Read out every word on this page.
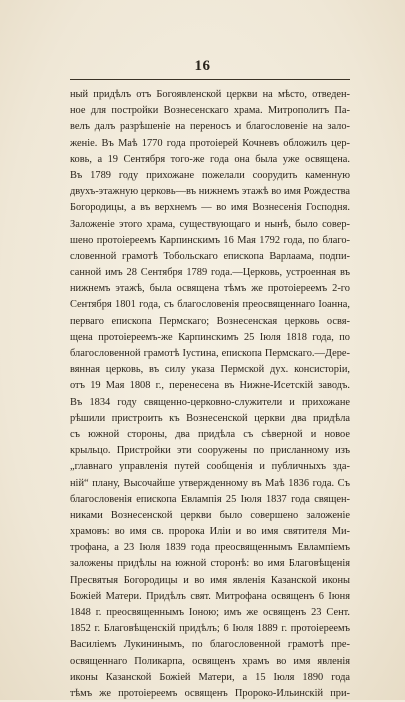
16
ный придѣлъ отъ Богоявленской церкви на мѣсто, отведен-
ное для постройки Вознесенскаго храма. Митрополитъ Па-
велъ далъ разрѣшеніе на переносъ и благословеніе на зало-
женіе. Въ Маѣ 1770 года протоіерей Кочневъ обложилъ цер-
ковь, а 19 Сентября того-же года она была уже освящена.
Въ 1789 году прихожане пожелали соорудить каменную
двухъ-этажную церковь—въ нижнемъ этажѣ во имя Рождества
Богородицы, а въ верхнемъ — во имя Вознесенія Господня.
Заложеніе этого храма, существующаго и нынѣ, было совер-
шено протоіереемъ Карпинскимъ 16 Мая 1792 года, по благо-
словенной грамотѣ Тобольскаго епископа Варлаама, подпи-
санной имъ 28 Сентября 1789 года.—Церковь, устроенная въ
нижнемъ этажѣ, была освящена тѣмъ же протоіереемъ 2-го
Сентября 1801 года, съ благословенія преосвященнаго Іоанна,
перваго епископа Пермскаго; Вознесенская церковь освя-
щена протоіереемъ-же Карпинскимъ 25 Іюля 1818 года, по
благословенной грамотѣ Іустина, епископа Пермскаго.—Дере-
вянная церковь, въ силу указа Пермской дух. консисторіи,
отъ 19 Мая 1808 г., перенесена въ Нижне-Исетскій заводъ.
Въ 1834 году священно-церковно-служители и прихожане
рѣшили пристроить къ Вознесенской церкви два придѣла
съ южной стороны, два придѣла съ сѣверной и новое
крыльцо. Пристройки эти сооружены по присланному изъ
„главнаго управленія путей сообщенія и публичныхъ зда-
ній“ плану, Высочайше утвержденному въ Маѣ 1836 года. Съ
благословенія епископа Евлампія 25 Іюля 1837 года священ-
никами Вознесенской церкви было совершено заложеніе
храмовъ: во имя св. пророка Иліи и во имя святителя Ми-
трофана, а 23 Іюля 1839 года преосвященнымъ Евлампіемъ
заложены придѣлы на южной сторонѣ: во имя Благовѣщенія
Пресвятыя Богородицы и во имя явленія Казанской иконы
Божіей Матери. Придѣлъ свят. Митрофана освященъ 6 Іюня
1848 г. преосвященнымъ Іоною; имъ же освященъ 23 Сент.
1852 г. Благовѣщенскій придѣлъ; 6 Іюля 1889 г. протоіереемъ
Василіемъ Лукининымъ, по благословенной грамотѣ пре-
освященнаго Поликарпа, освященъ храмъ во имя явленія
иконы Казанской Божіей Матери, а 15 Іюля 1890 года
тѣмъ же протоіереемъ освященъ Пророко-Ильинскій при-
